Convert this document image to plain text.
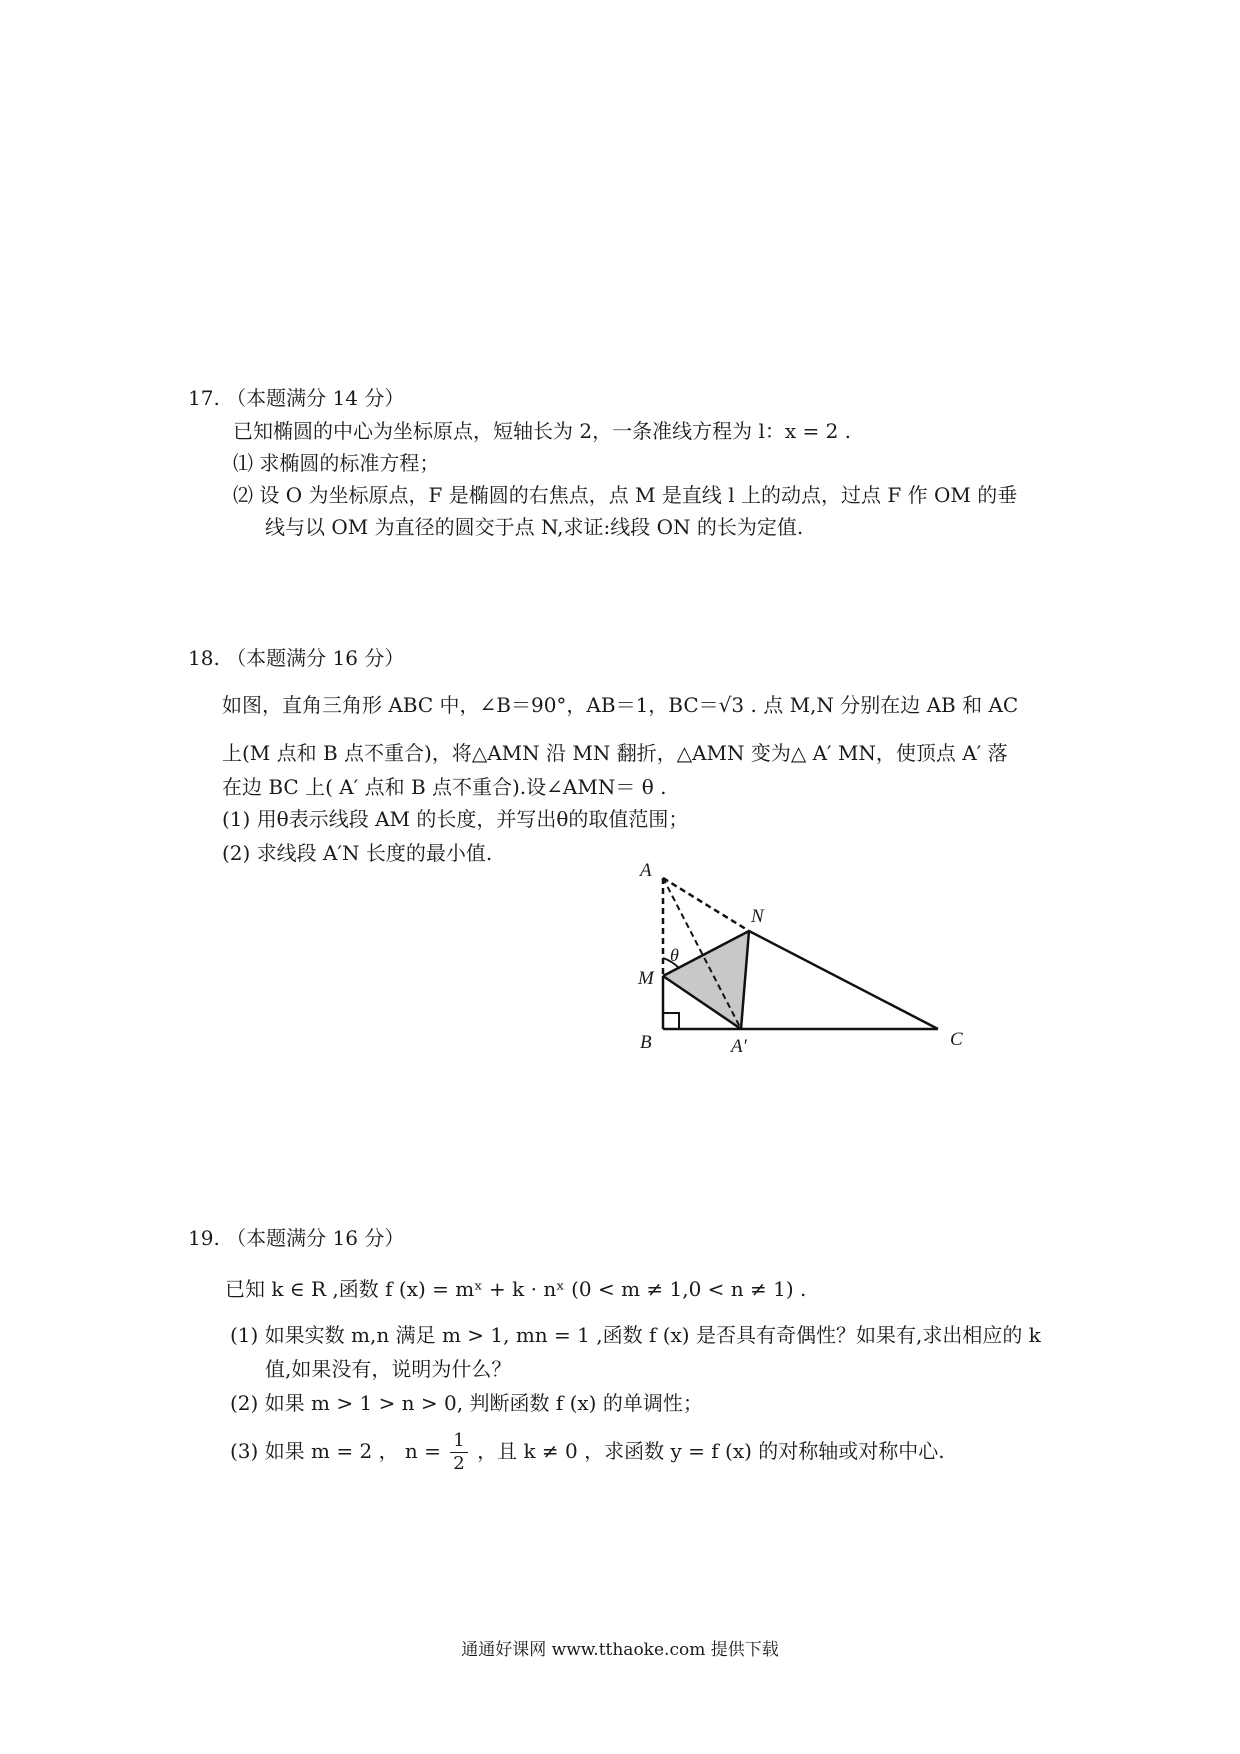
17. （本题满分 14 分）
已知椭圆的中心为坐标原点，短轴长为 2，一条准线方程为 l：x = 2 .
⑴ 求椭圆的标准方程；
⑵ 设 O 为坐标原点，F 是椭圆的右焦点，点 M 是直线 l 上的动点，过点 F 作 OM 的垂
线与以 OM 为直径的圆交于点 N,求证:线段 ON 的长为定值.
18. （本题满分 16 分）
如图，直角三角形 ABC 中，∠B＝90°，AB＝1，BC＝√3 . 点 M,N 分别在边 AB 和 AC
上(M 点和 B 点不重合)，将△AMN 沿 MN 翻折，△AMN 变为△ A′ MN，使顶点 A′ 落
在边 BC 上( A′ 点和 B 点不重合).设∠AMN＝ θ .
(1) 用θ表示线段 AM 的长度，并写出θ的取值范围；
(2) 求线段 A′N 长度的最小值.
A
N
θ
M
B	A′	C
19. （本题满分 16 分）
已知 k ∈ R ,函数 f (x) = mˣ + k · nˣ (0 < m ≠ 1,0 < n ≠ 1) .
(1) 如果实数 m,n 满足 m > 1, mn = 1 ,函数 f (x) 是否具有奇偶性？如果有,求出相应的 k
值,如果没有，说明为什么？
(2) 如果 m > 1 > n > 0, 判断函数 f (x) 的单调性；
(3) 如果 m = 2 ， $n = \frac{1}{2}$ ，且 k ≠ 0 ，求函数 y = f (x) 的对称轴或对称中心.
通通好课网 www.tthaoke.com 提供下载
